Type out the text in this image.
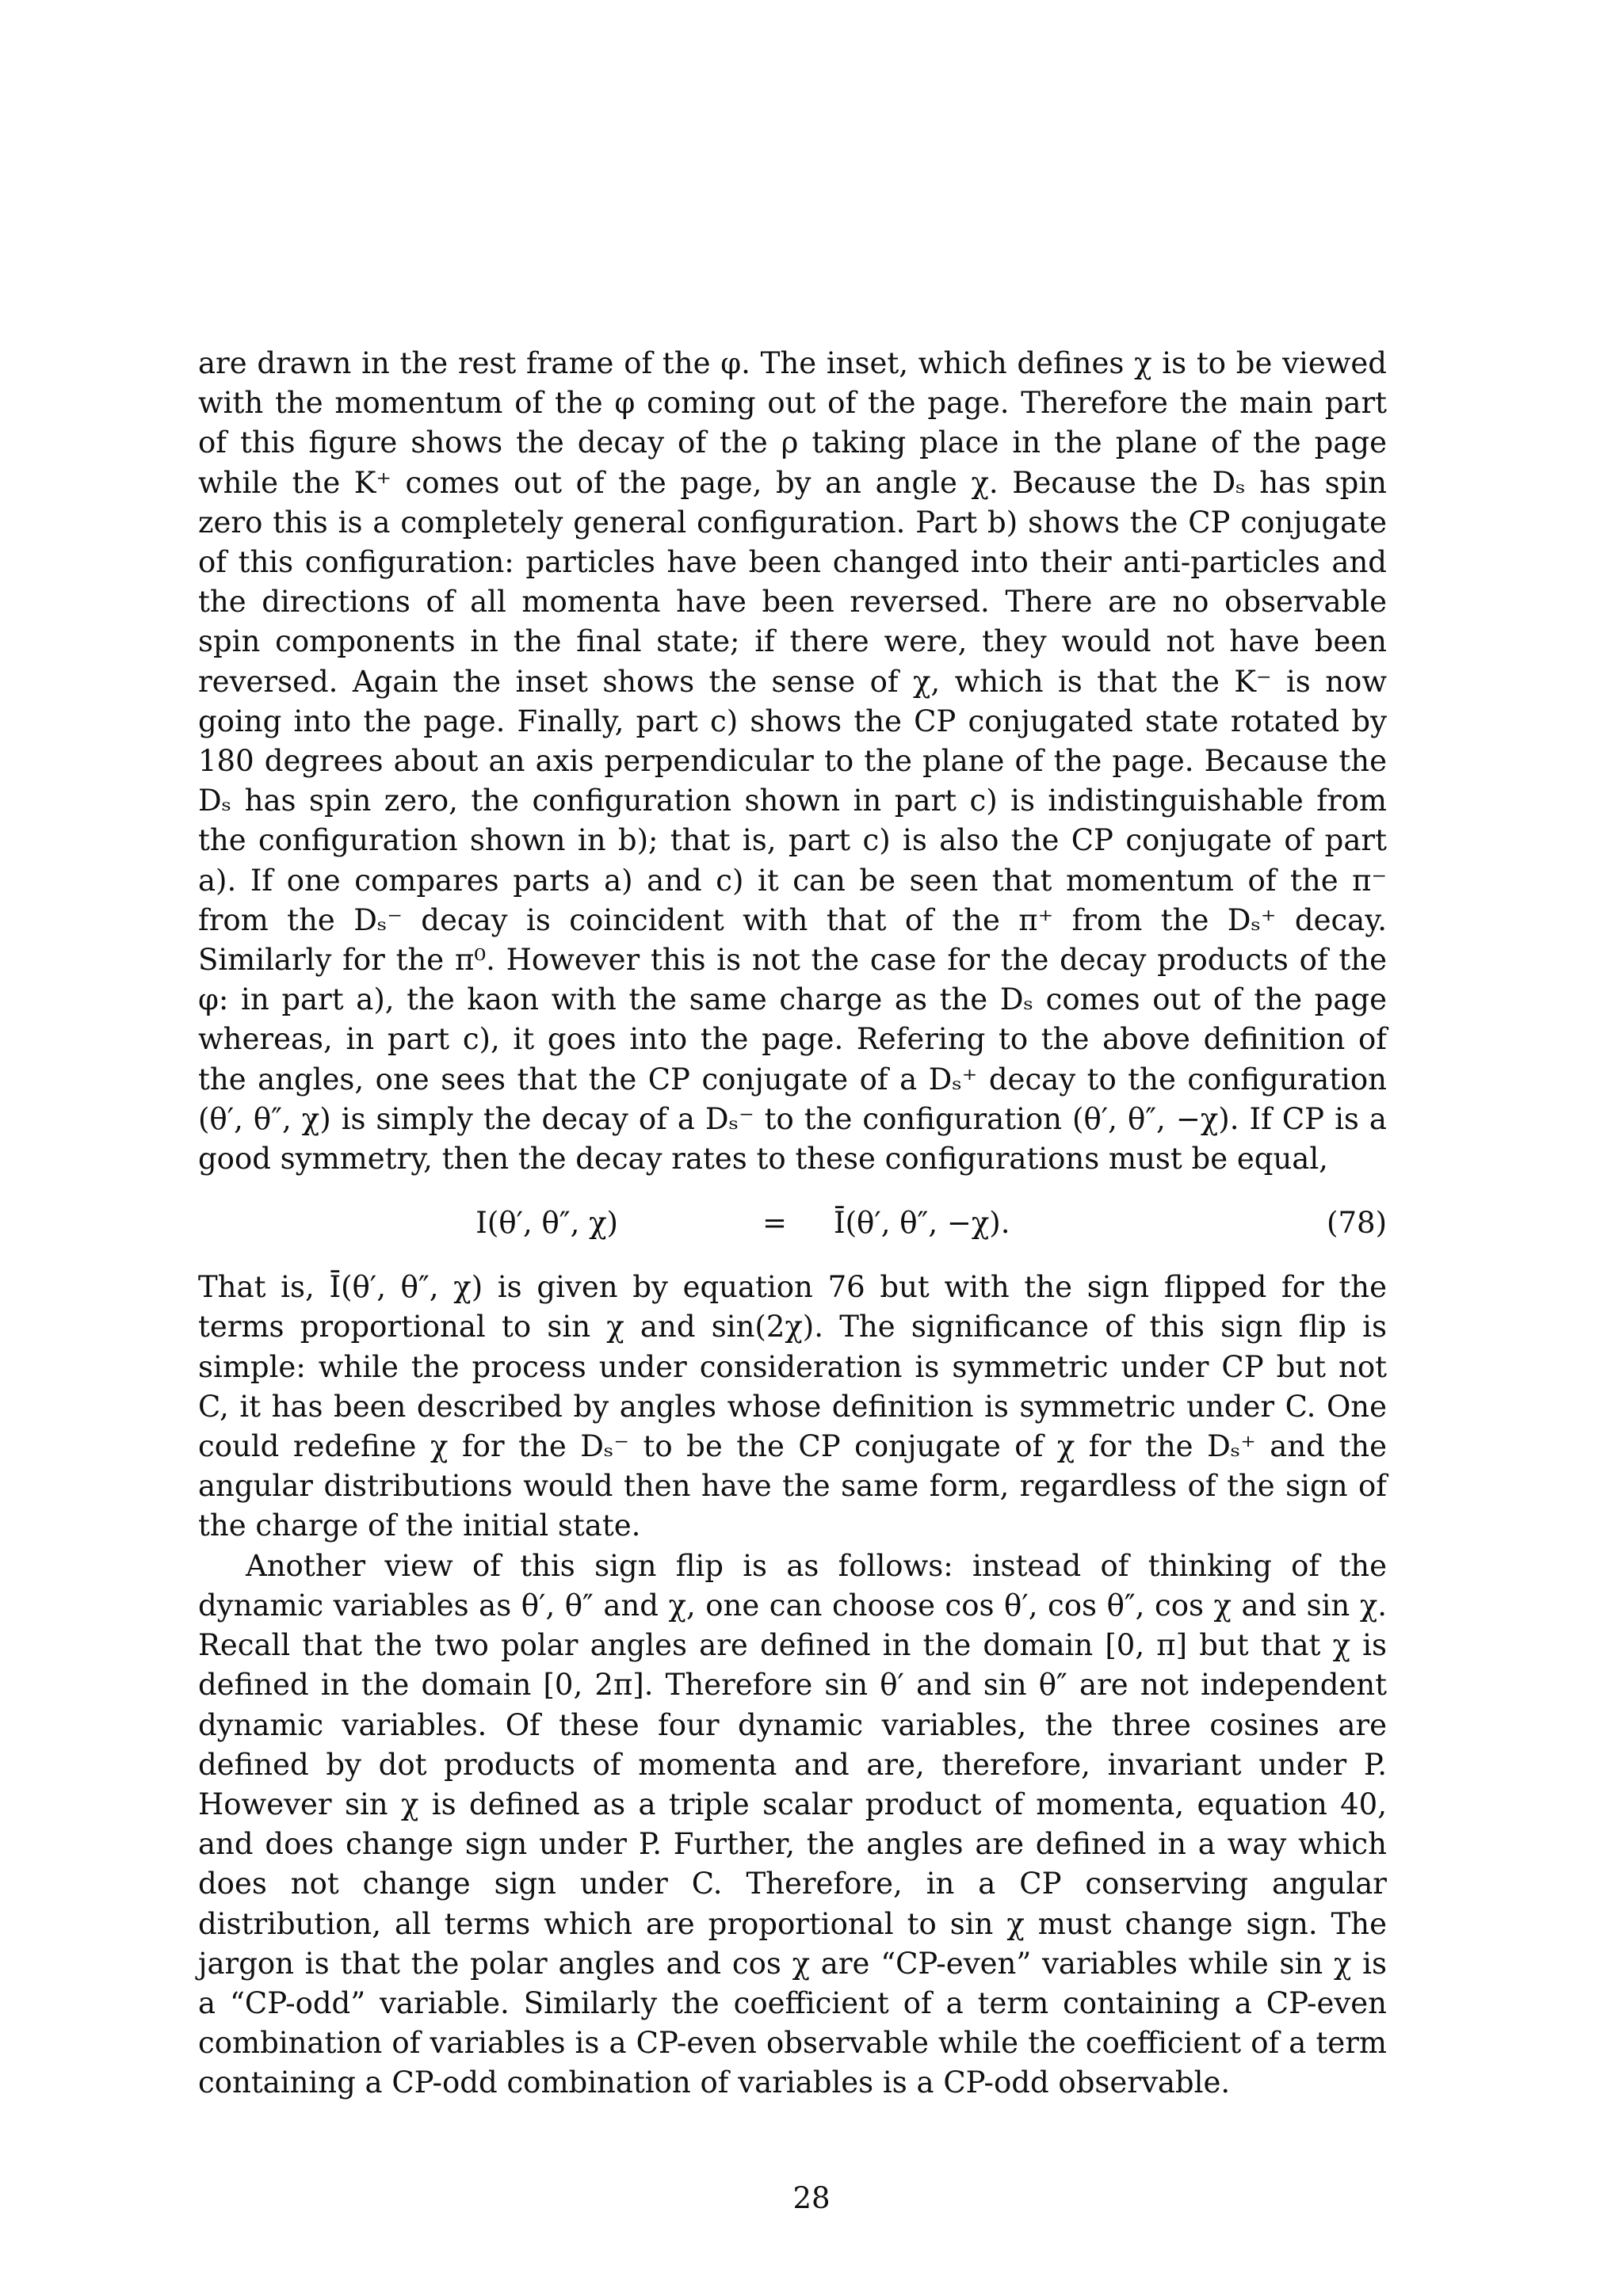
are drawn in the rest frame of the φ. The inset, which defines χ is to be viewed with the momentum of the φ coming out of the page. Therefore the main part of this figure shows the decay of the ρ taking place in the plane of the page while the K⁺ comes out of the page, by an angle χ. Because the Dₛ has spin zero this is a completely general configuration. Part b) shows the CP conjugate of this configuration: particles have been changed into their anti-particles and the directions of all momenta have been reversed. There are no observable spin components in the final state; if there were, they would not have been reversed. Again the inset shows the sense of χ, which is that the K⁻ is now going into the page. Finally, part c) shows the CP conjugated state rotated by 180 degrees about an axis perpendicular to the plane of the page. Because the Dₛ has spin zero, the configuration shown in part c) is indistinguishable from the configuration shown in b); that is, part c) is also the CP conjugate of part a). If one compares parts a) and c) it can be seen that momentum of the π⁻ from the Dₛ⁻ decay is coincident with that of the π⁺ from the Dₛ⁺ decay. Similarly for the π⁰. However this is not the case for the decay products of the φ: in part a), the kaon with the same charge as the Dₛ comes out of the page whereas, in part c), it goes into the page. Refering to the above definition of the angles, one sees that the CP conjugate of a Dₛ⁺ decay to the configuration (θ′, θ″, χ) is simply the decay of a Dₛ⁻ to the configuration (θ′, θ″, −χ). If CP is a good symmetry, then the decay rates to these configurations must be equal,

I(θ′, θ″, χ)	= Ī(θ′, θ″, −χ).	(78)

That is, Ī(θ′, θ″, χ) is given by equation 76 but with the sign flipped for the terms proportional to sin χ and sin(2χ). The significance of this sign flip is simple: while the process under consideration is symmetric under CP but not C, it has been described by angles whose definition is symmetric under C. One could redefine χ for the Dₛ⁻ to be the CP conjugate of χ for the Dₛ⁺ and the angular distributions would then have the same form, regardless of the sign of the charge of the initial state.

Another view of this sign flip is as follows: instead of thinking of the dynamic variables as θ′, θ″ and χ, one can choose cos θ′, cos θ″, cos χ and sin χ. Recall that the two polar angles are defined in the domain [0, π] but that χ is defined in the domain [0, 2π]. Therefore sin θ′ and sin θ″ are not independent dynamic variables. Of these four dynamic variables, the three cosines are defined by dot products of momenta and are, therefore, invariant under P. However sin χ is defined as a triple scalar product of momenta, equation 40, and does change sign under P. Further, the angles are defined in a way which does not change sign under C. Therefore, in a CP conserving angular distribution, all terms which are proportional to sin χ must change sign. The jargon is that the polar angles and cos χ are “CP-even” variables while sin χ is a “CP-odd” variable. Similarly the coefficient of a term containing a CP-even combination of variables is a CP-even observable while the coefficient of a term containing a CP-odd combination of variables is a CP-odd observable.

28
